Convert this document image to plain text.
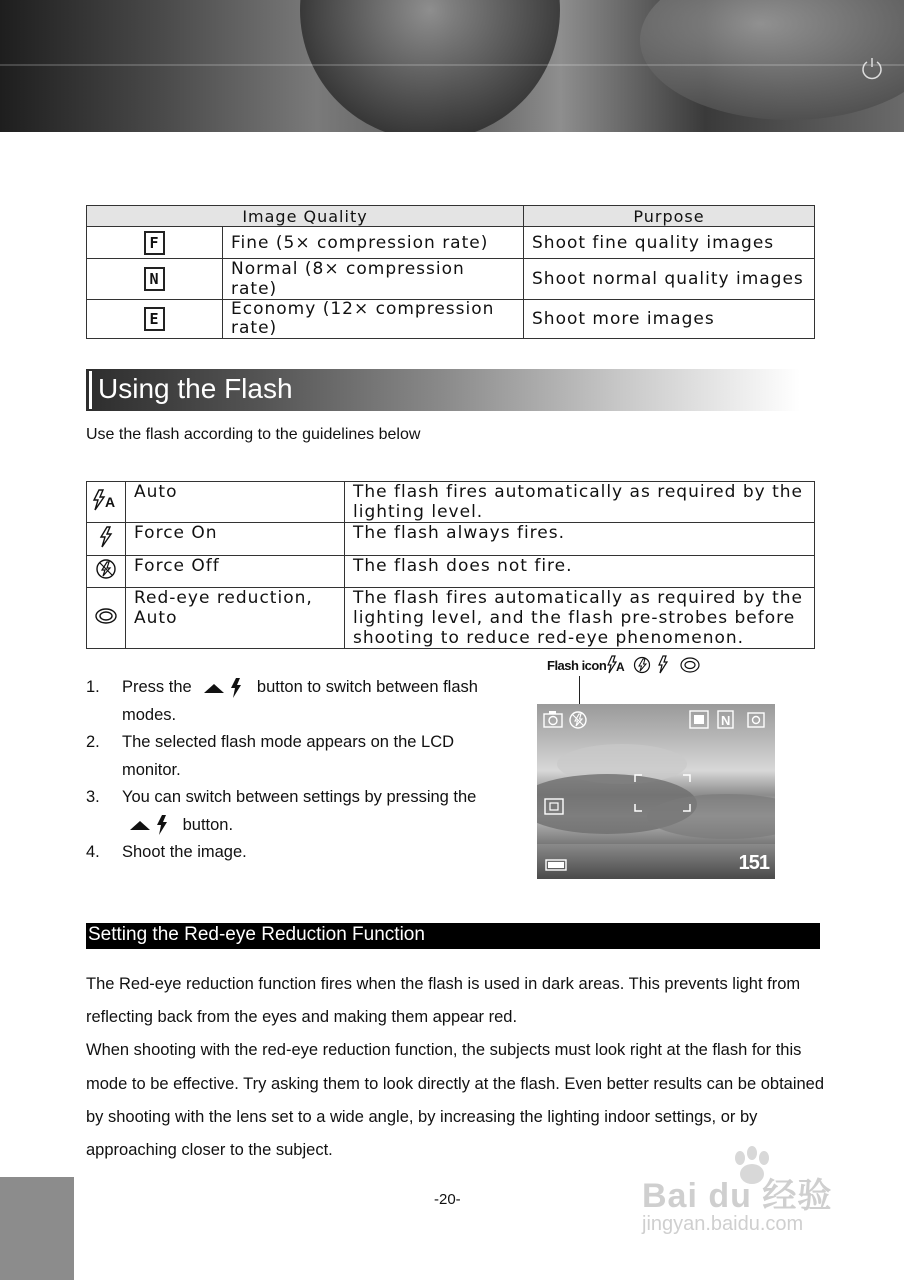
Image Quality		Purpose
F	Fine (5× compression rate)	Shoot fine quality images
N	Normal (8× compression rate)	Shoot normal quality images
E	Economy (12× compression rate)	Shoot more images
Using the Flash
Use the flash according to the guidelines below
A	Auto	The flash fires automatically as required by the lighting level.
	Force On	The flash always fires.
	Force Off	The flash does not fire.
	Red-eye reduction, Auto	The flash fires automatically as required by the lighting level, and the flash pre-strobes before shooting to reduce red-eye phenomenon.
1. Press the	button to switch between flash modes.
2. The selected flash mode appears on the LCD monitor.
3. You can switch between settings by pressing the  button.
4. Shoot the image.
Flash icon A
N
151
Setting the Red-eye Reduction Function

The Red-eye reduction function fires when the flash is used in dark areas. This prevents light from reflecting back from the eyes and making them appear red.

When shooting with the red-eye reduction function, the subjects must look right at the flash for this mode to be effective. Try asking them to look directly at the flash. Even better results can be obtained by shooting with the lens set to a wide angle, by increasing the lighting indoor settings, or by approaching closer to the subject.

-20-	Bai du 经验
jingyan.baidu.com
